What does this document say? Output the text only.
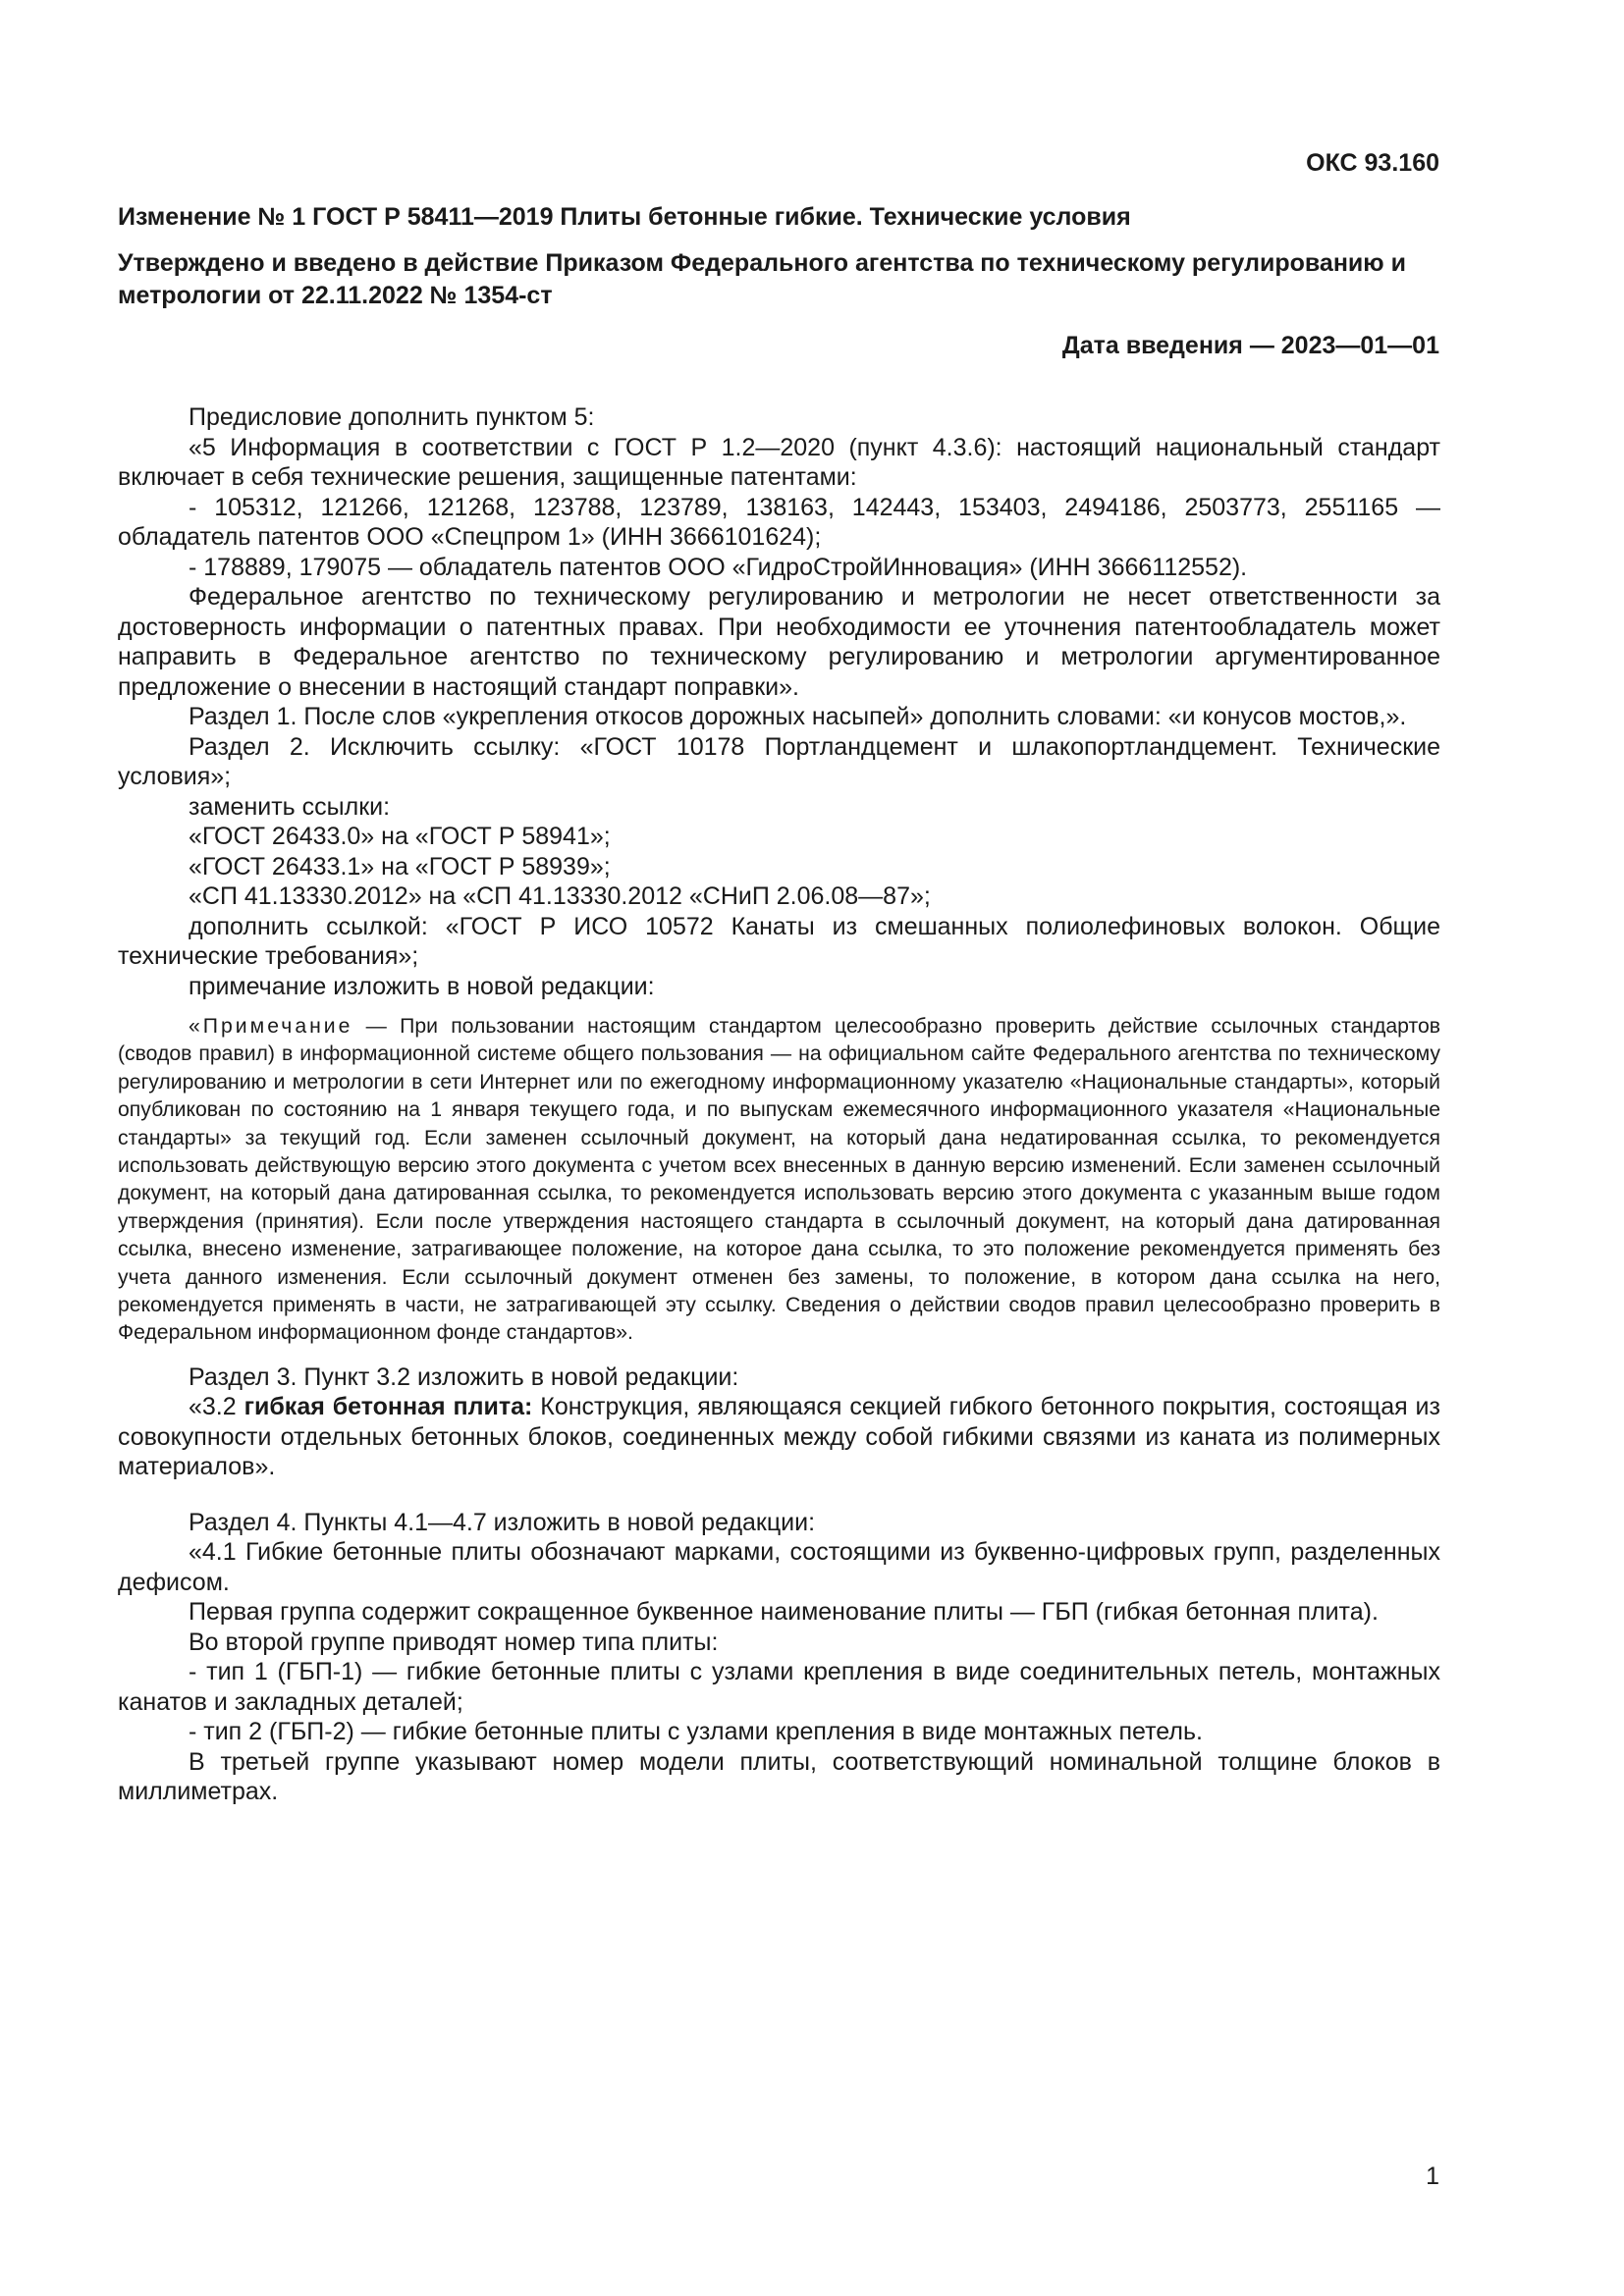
ОКС 93.160

Изменение № 1 ГОСТ Р 58411—2019 Плиты бетонные гибкие. Технические условия

Утверждено и введено в действие Приказом Федерального агентства по техническому регулированию и метрологии от 22.11.2022 № 1354-ст

Дата введения — 2023—01—01

Предисловие дополнить пунктом 5:

«5 Информация в соответствии с ГОСТ Р 1.2—2020 (пункт 4.3.6): настоящий национальный стандарт включает в себя технические решения, защищенные патентами:

- 105312, 121266, 121268, 123788, 123789, 138163, 142443, 153403, 2494186, 2503773, 2551165 — обладатель патентов ООО «Спецпром 1» (ИНН 3666101624);

- 178889, 179075 — обладатель патентов ООО «ГидроСтройИнновация» (ИНН 3666112552).

Федеральное агентство по техническому регулированию и метрологии не несет ответственности за достоверность информации о патентных правах. При необходимости ее уточнения патентообладатель может направить в Федеральное агентство по техническому регулированию и метрологии аргументированное предложение о внесении в настоящий стандарт поправки».

Раздел 1. После слов «укрепления откосов дорожных насыпей» дополнить словами: «и конусов мостов,».

Раздел 2. Исключить ссылку: «ГОСТ 10178 Портландцемент и шлакопортландцемент. Технические условия»;

заменить ссылки:

«ГОСТ 26433.0» на «ГОСТ Р 58941»;

«ГОСТ 26433.1» на «ГОСТ Р 58939»;

«СП 41.13330.2012» на «СП 41.13330.2012 «СНиП 2.06.08—87»;

дополнить ссылкой: «ГОСТ Р ИСО 10572 Канаты из смешанных полиолефиновых волокон. Общие технические требования»;

примечание изложить в новой редакции:

«Примечание — При пользовании настоящим стандартом целесообразно проверить действие ссылочных стандартов (сводов правил) в информационной системе общего пользования — на официальном сайте Федерального агентства по техническому регулированию и метрологии в сети Интернет или по ежегодному информационному указателю «Национальные стандарты», который опубликован по состоянию на 1 января текущего года, и по выпускам ежемесячного информационного указателя «Национальные стандарты» за текущий год. Если заменен ссылочный документ, на который дана недатированная ссылка, то рекомендуется использовать действующую версию этого документа с учетом всех внесенных в данную версию изменений. Если заменен ссылочный документ, на который дана датированная ссылка, то рекомендуется использовать версию этого документа с указанным выше годом утверждения (принятия). Если после утверждения настоящего стандарта в ссылочный документ, на который дана датированная ссылка, внесено изменение, затрагивающее положение, на которое дана ссылка, то это положение рекомендуется применять без учета данного изменения. Если ссылочный документ отменен без замены, то положение, в котором дана ссылка на него, рекомендуется применять в части, не затрагивающей эту ссылку. Сведения о действии сводов правил целесообразно проверить в Федеральном информационном фонде стандартов».

Раздел 3. Пункт 3.2 изложить в новой редакции:

«3.2 гибкая бетонная плита: Конструкция, являющаяся секцией гибкого бетонного покрытия, состоящая из совокупности отдельных бетонных блоков, соединенных между собой гибкими связями из каната из полимерных материалов».

Раздел 4. Пункты 4.1—4.7 изложить в новой редакции:

«4.1 Гибкие бетонные плиты обозначают марками, состоящими из буквенно-цифровых групп, разделенных дефисом.

Первая группа содержит сокращенное буквенное наименование плиты — ГБП (гибкая бетонная плита).

Во второй группе приводят номер типа плиты:

- тип 1 (ГБП-1) — гибкие бетонные плиты с узлами крепления в виде соединительных петель, монтажных канатов и закладных деталей;

- тип 2 (ГБП-2) — гибкие бетонные плиты с узлами крепления в виде монтажных петель.

В третьей группе указывают номер модели плиты, соответствующий номинальной толщине блоков в миллиметрах.

1
